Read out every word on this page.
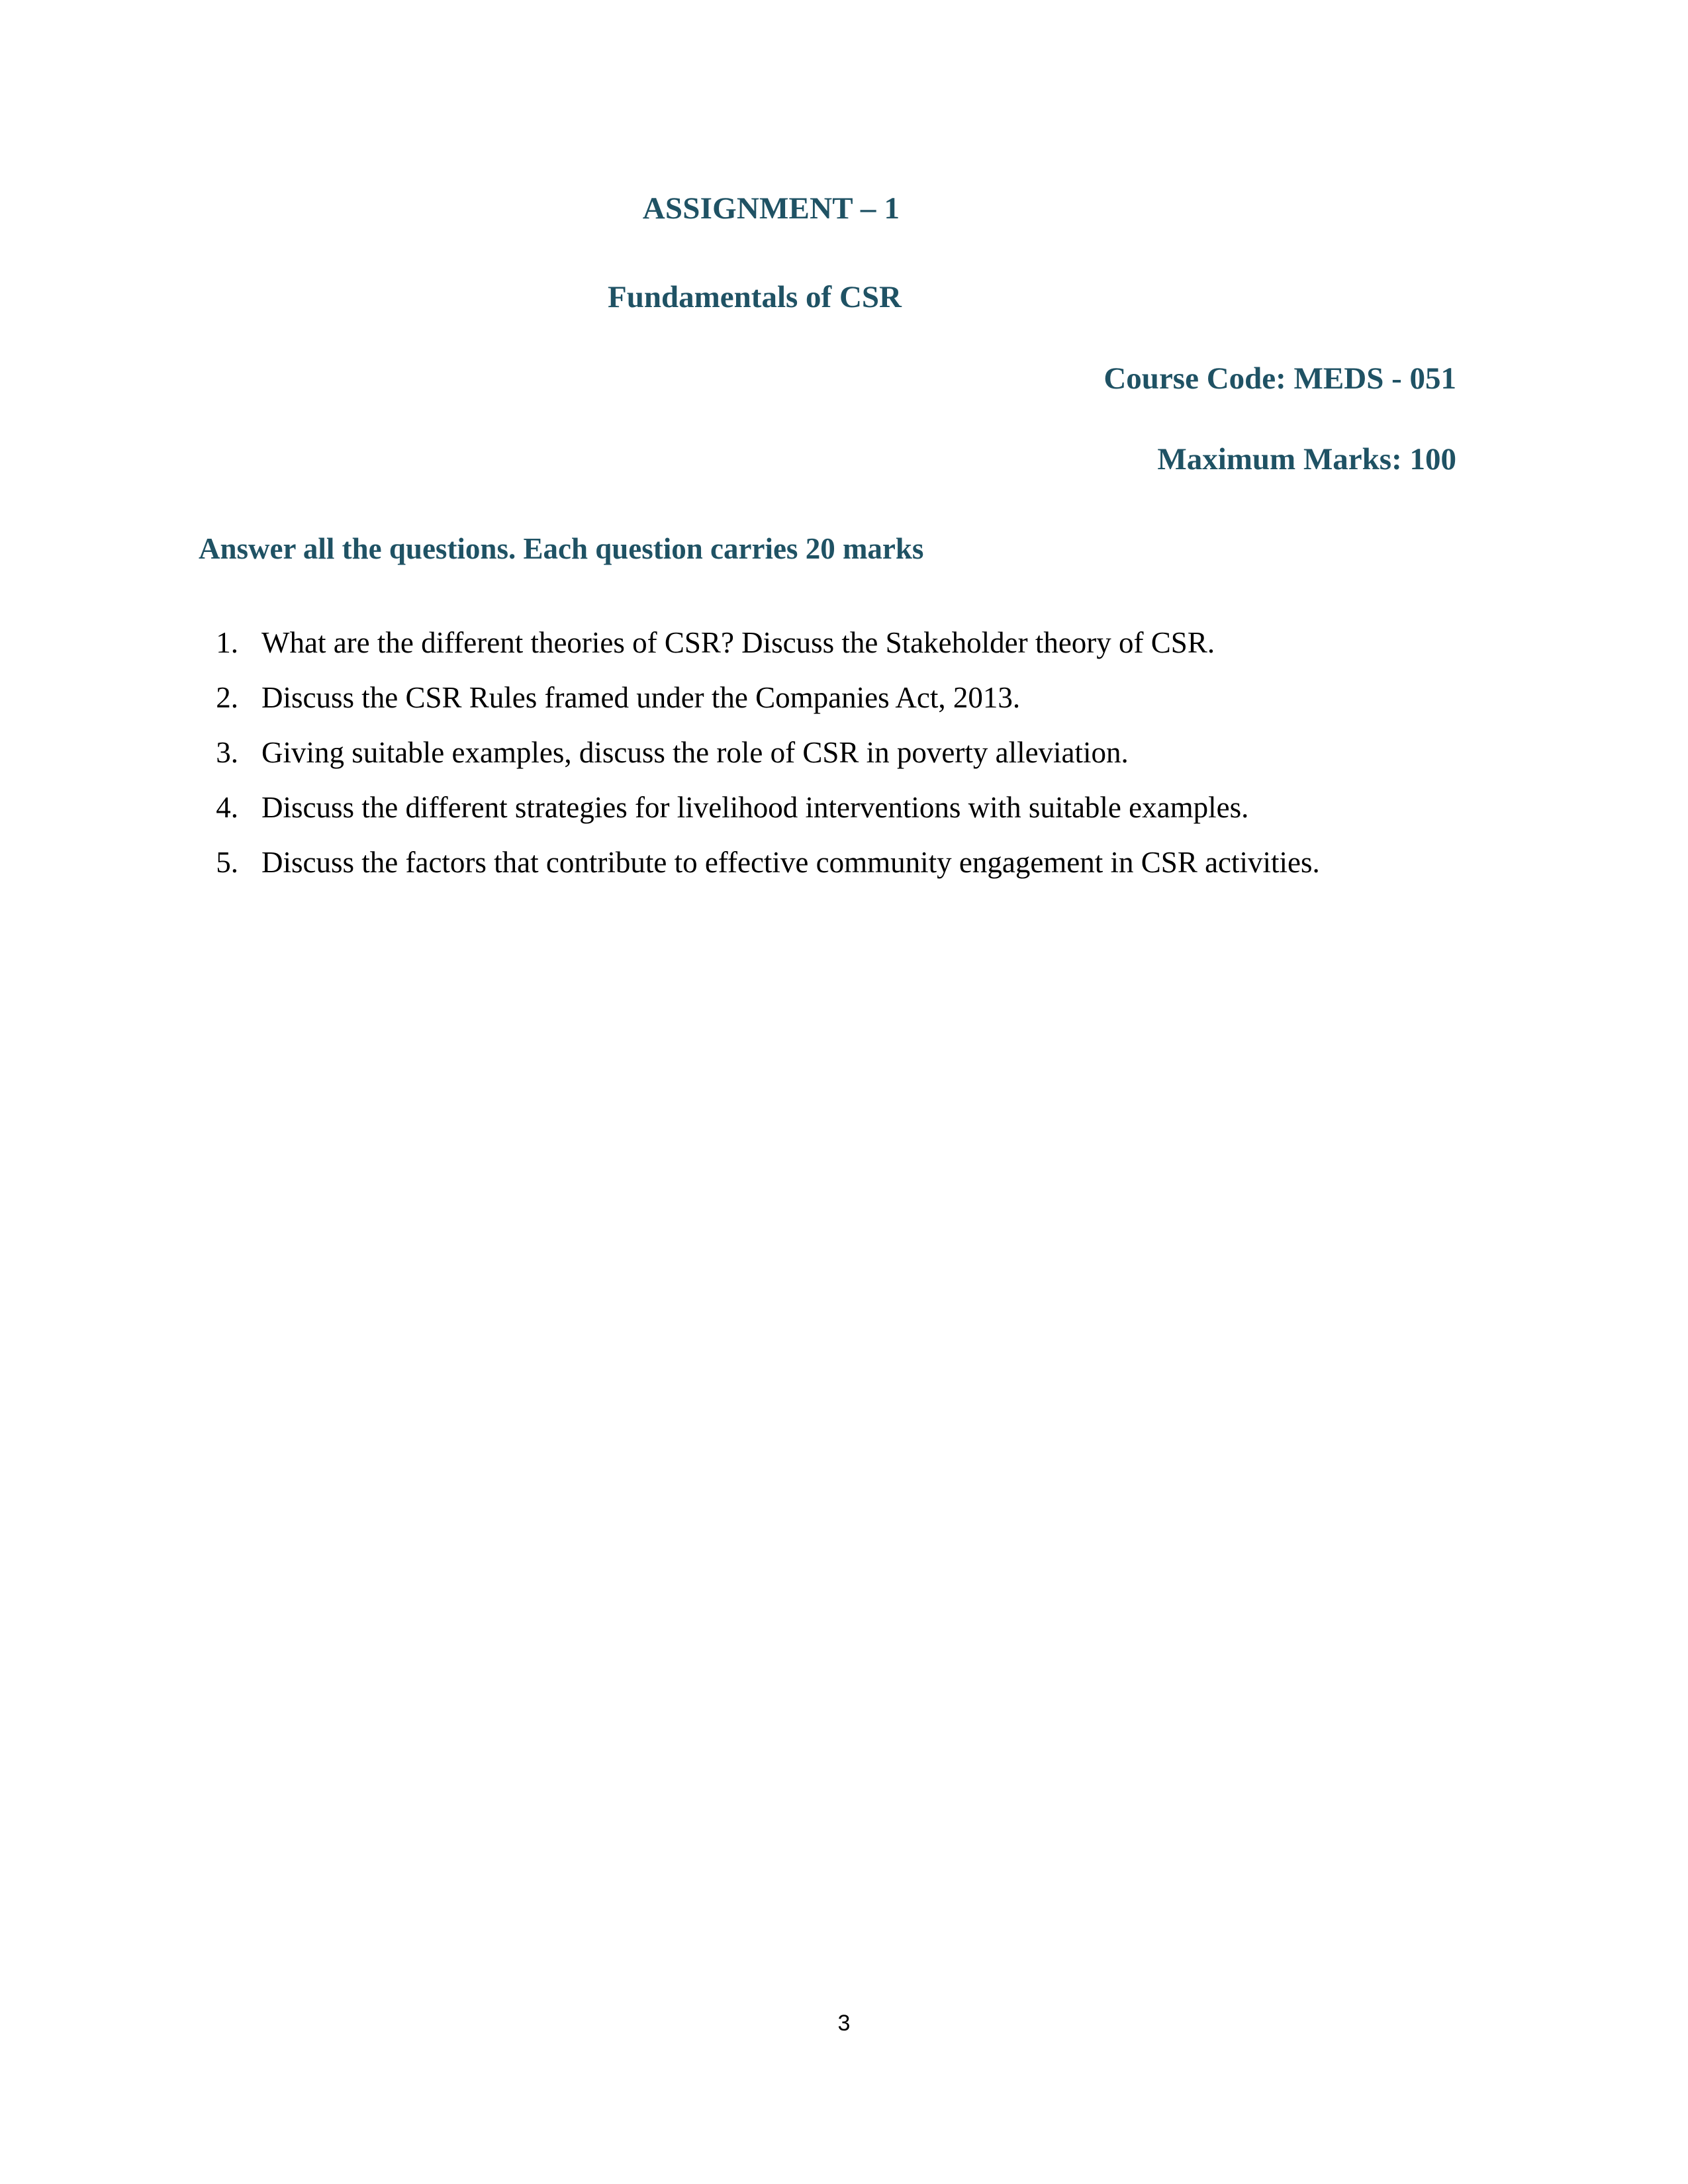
ASSIGNMENT – 1
Fundamentals of CSR
Course Code: MEDS - 051
Maximum Marks: 100
Answer all the questions. Each question carries 20 marks
1. What are the different theories of CSR? Discuss the Stakeholder theory of CSR.
2. Discuss the CSR Rules framed under the Companies Act, 2013.
3. Giving suitable examples, discuss the role of CSR in poverty alleviation.
4. Discuss the different strategies for livelihood interventions with suitable examples.
5. Discuss the factors that contribute to effective community engagement in CSR activities.
3
